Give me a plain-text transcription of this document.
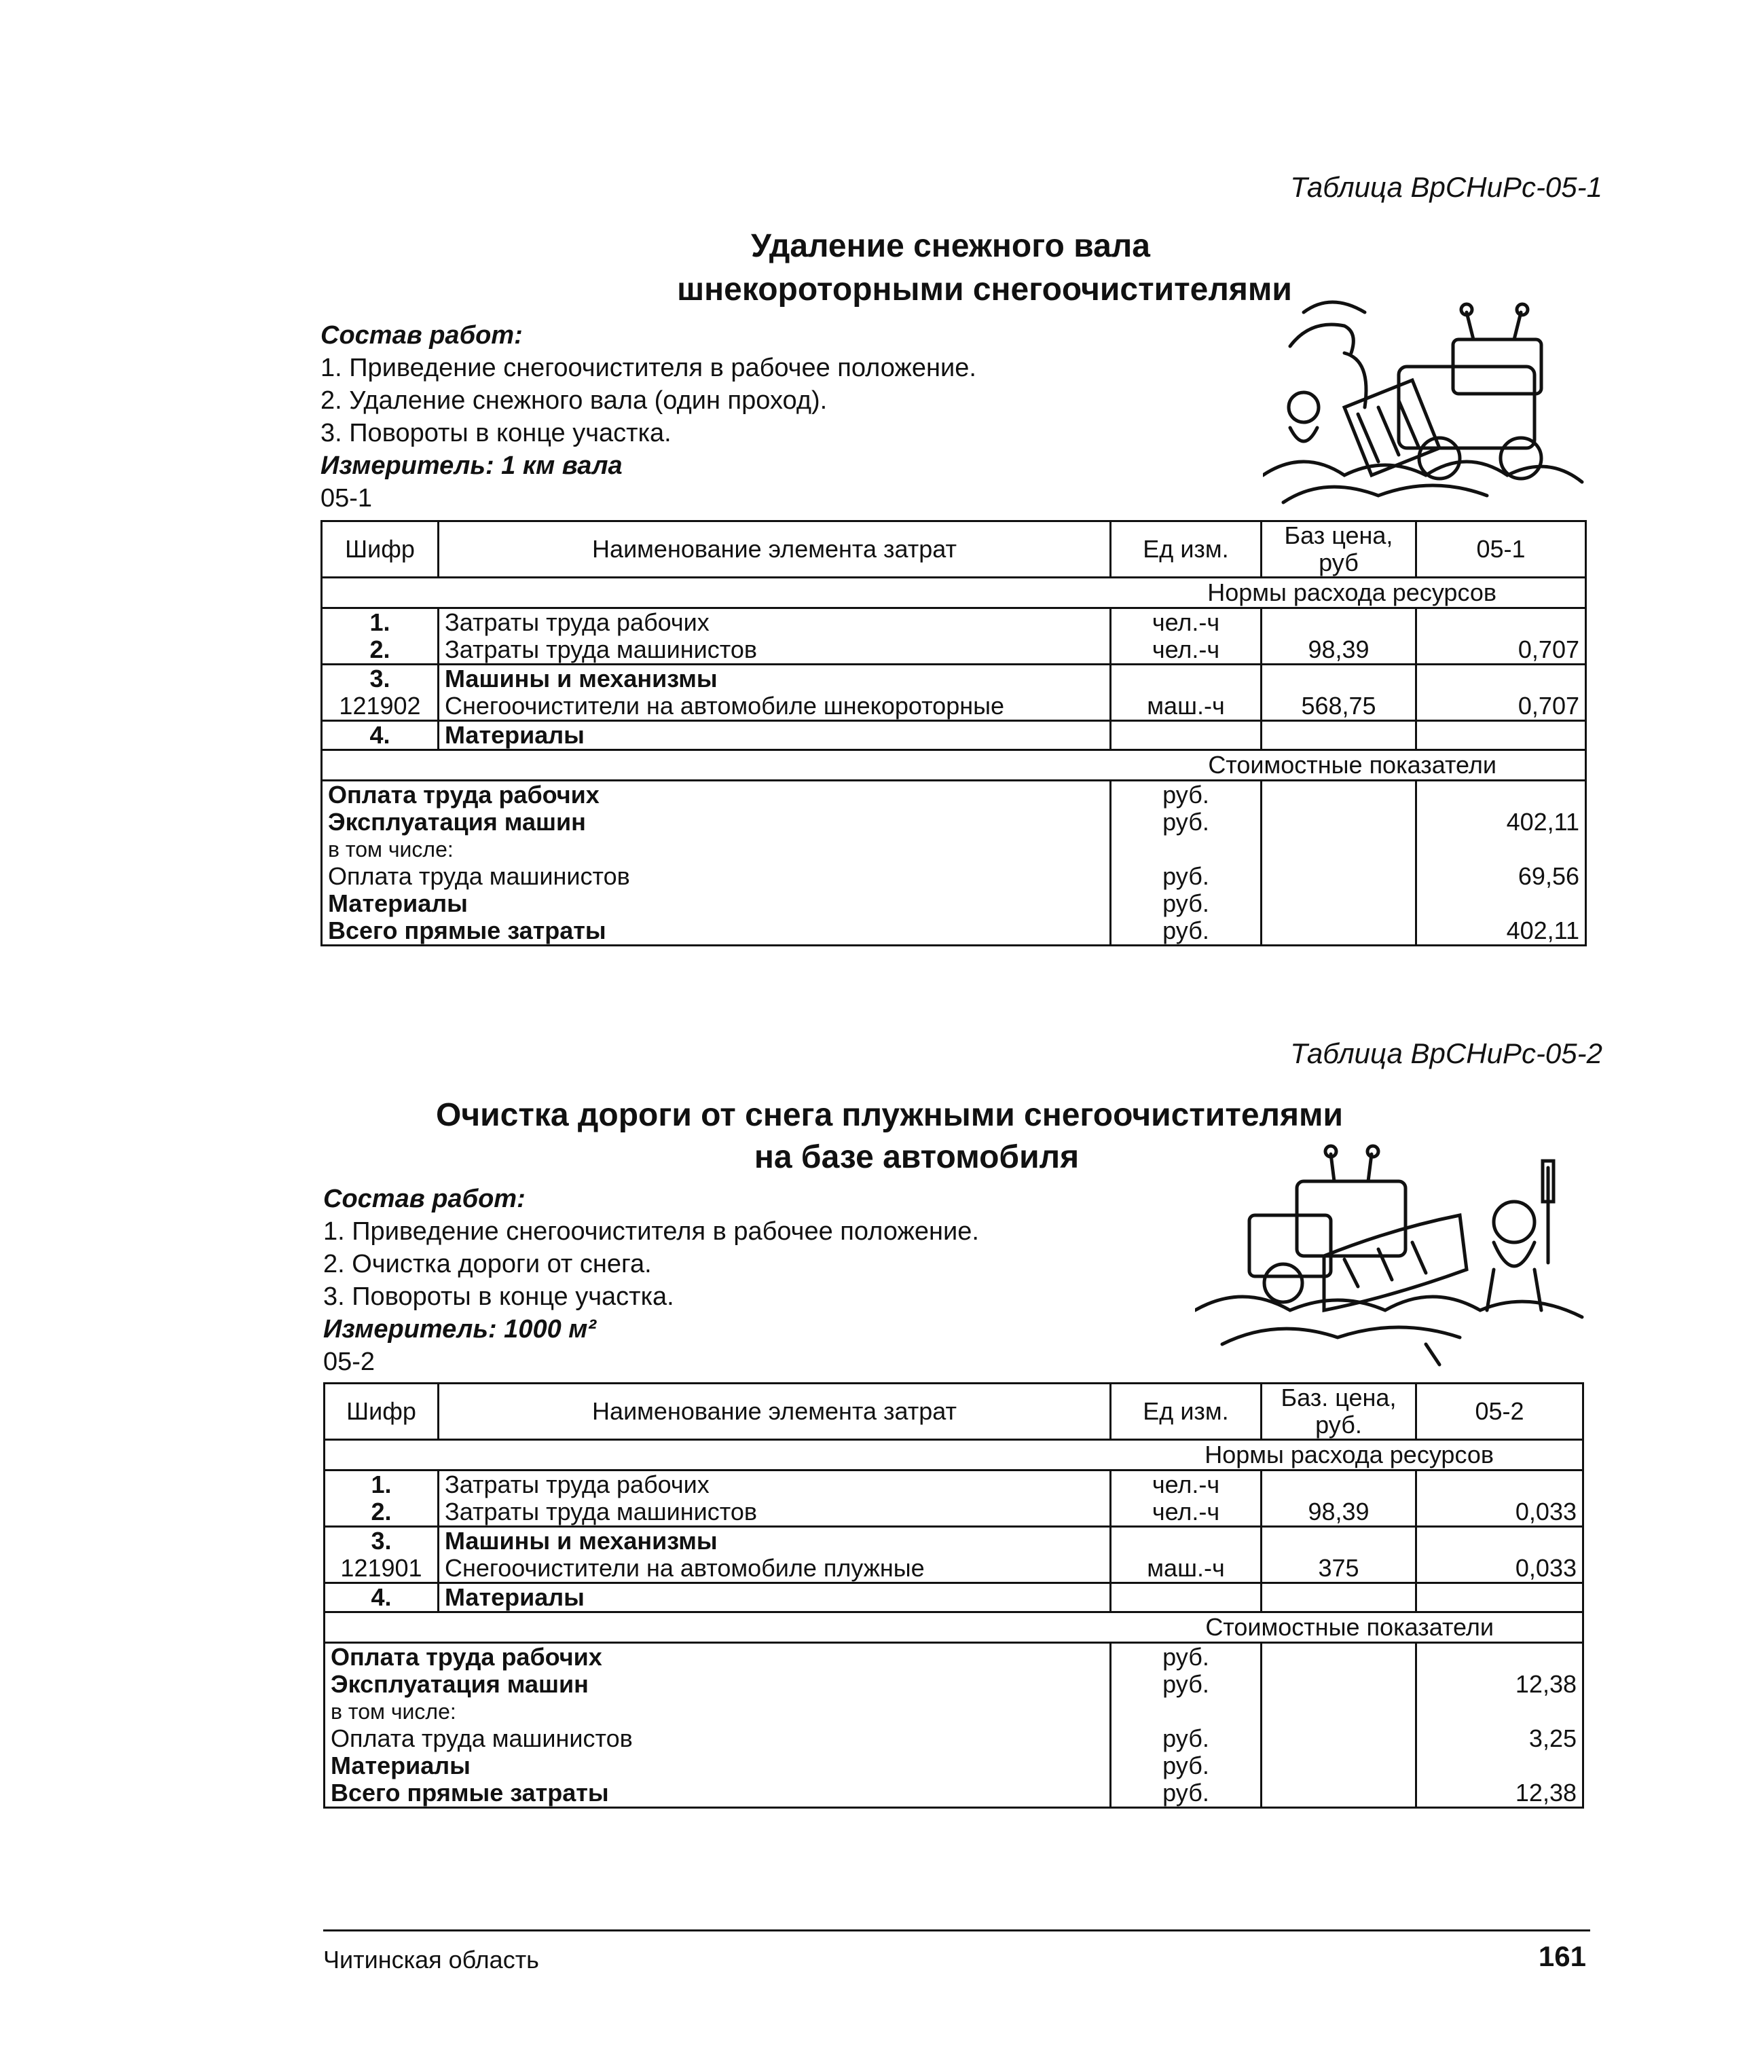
Таблица ВрСНиРс-05-1
Удаление снежного вала
шнекороторными снегоочистителями
Состав работ:
1. Приведение снегоочистителя в рабочее положение.
2. Удаление снежного вала (один проход).
3. Повороты в конце участка.
Измеритель: 1 км вала
05-1
Шифр	Наименование элемента затрат	Ед изм.	Баз цена, руб	05-1
Нормы расхода ресурсов				
1.	Затраты труда рабочих	чел.-ч		
2.	Затраты труда машинистов	чел.-ч	98,39	0,707
3.	Машины и механизмы			
121902	Снегоочистители на автомобиле шнекороторные	маш.-ч	568,75	0,707
4.	Материалы			
Стоимостные показатели				
Оплата труда рабочих		руб.		
Эксплуатация машин		руб.		402,11
в том числе:				
Оплата труда машинистов		руб.		69,56
Материалы		руб.		
Всего прямые затраты		руб.		402,11
Таблица ВрСНиРс-05-2
Очистка дороги от снега плужными снегоочистителями
на базе автомобиля
Состав работ:
1. Приведение снегоочистителя в рабочее положение.
2. Очистка дороги от снега.
3. Повороты в конце участка.
Измеритель: 1000 м²
05-2
Шифр	Наименование элемента затрат	Ед изм.	Баз. цена, руб.	05-2
Нормы расхода ресурсов				
1.	Затраты труда рабочих	чел.-ч		
2.	Затраты труда машинистов	чел.-ч	98,39	0,033
3.	Машины и механизмы			
121901	Снегоочистители на автомобиле плужные	маш.-ч	375	0,033
4.	Материалы			
Стоимостные показатели				
Оплата труда рабочих		руб.		
Эксплуатация машин		руб.		12,38
в том числе:				
Оплата труда машинистов		руб.		3,25
Материалы		руб.		
Всего прямые затраты		руб.		12,38
Читинская область	161
